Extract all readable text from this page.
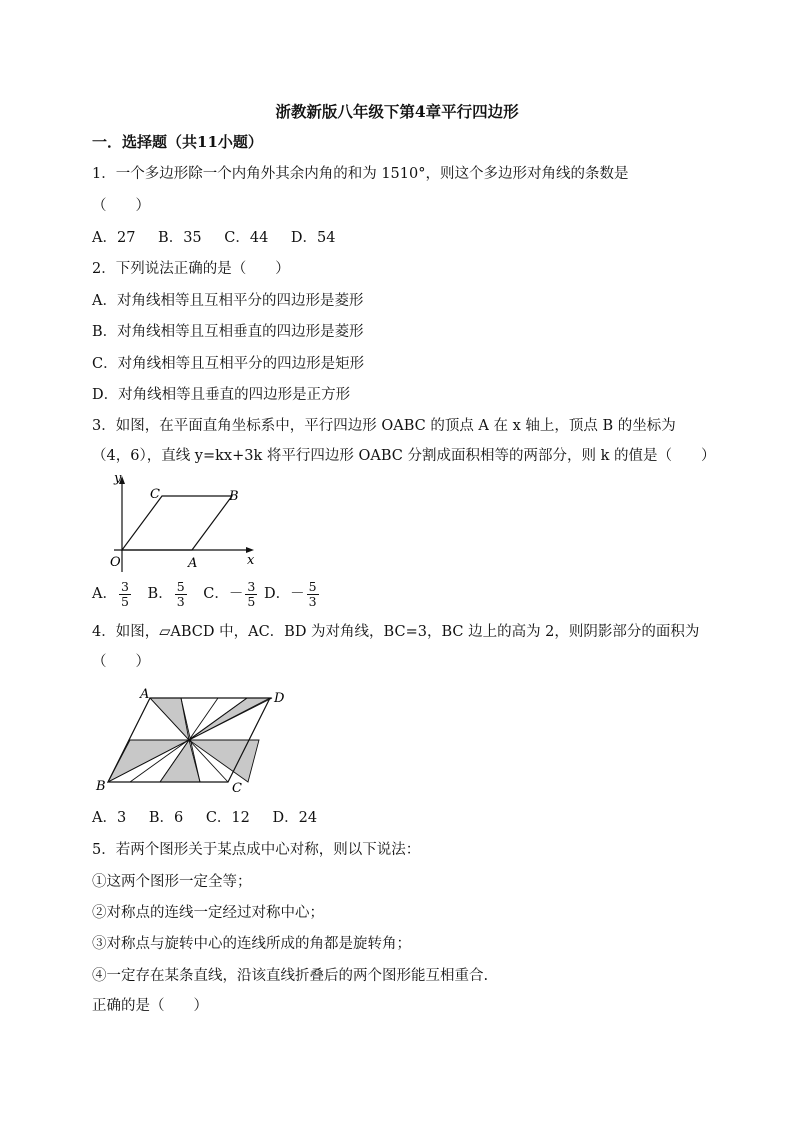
浙教新版八年级下第4章平行四边形
一．选择题（共11小题）
1．一个多边形除一个内角外其余内角的和为 1510°，则这个多边形对角线的条数是
（　　）
A．27 B．35 C．44 D．54
2．下列说法正确的是（　　）
A．对角线相等且互相平分的四边形是菱形
B．对角线相等且互相垂直的四边形是菱形
C．对角线相等且互相平分的四边形是矩形
D．对角线相等且垂直的四边形是正方形
3．如图，在平面直角坐标系中，平行四边形 OABC 的顶点 A 在 x 轴上，顶点 B 的坐标为
（4，6），直线 y=kx+3k 将平行四边形 OABC 分割成面积相等的两部分，则 k 的值是（　　）
y
x
O	A
B
C
A． $\frac{3}{5}$ B． $\frac{5}{3}$ C．－ $\frac{3}{5}$ D．－ $\frac{5}{3}$
4．如图，▱ABCD 中，AC．BD 为对角线，BC=3，BC 边上的高为 2，则阴影部分的面积为
（　　）
A	D
B	C
A．3 B．6 C．12 D．24
5．若两个图形关于某点成中心对称，则以下说法：
①这两个图形一定全等；
②对称点的连线一定经过对称中心；
③对称点与旋转中心的连线所成的角都是旋转角；
④一定存在某条直线，沿该直线折叠后的两个图形能互相重合.
正确的是（　　）
